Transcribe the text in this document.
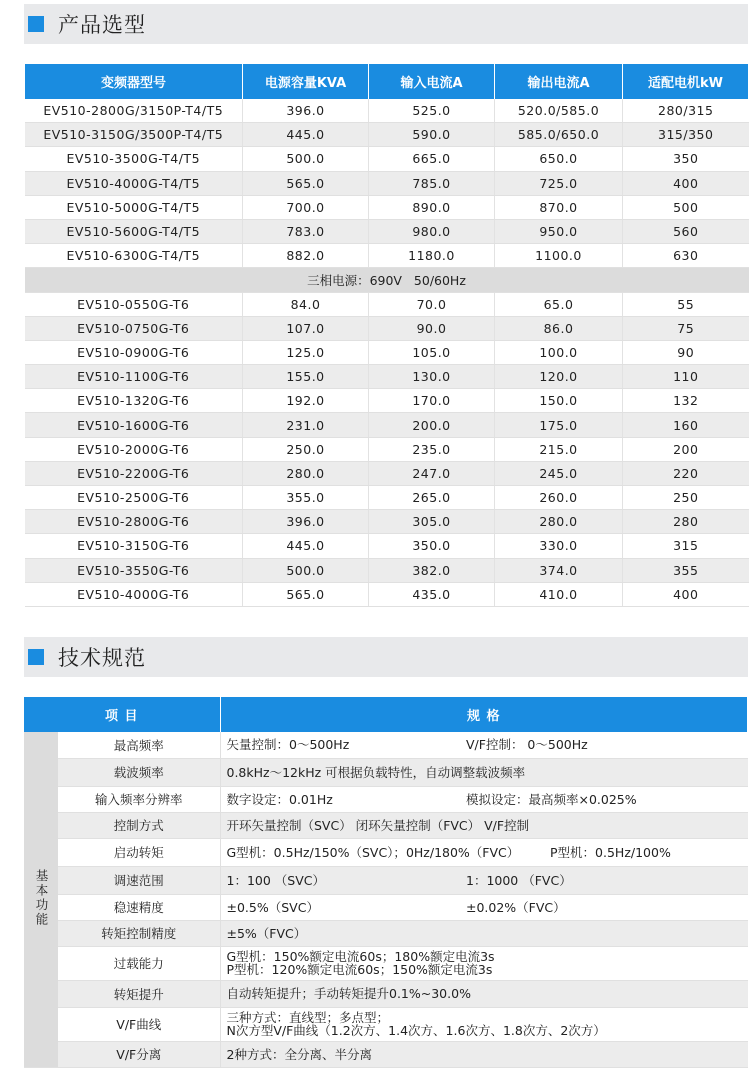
产品选型
变频器型号	电源容量KVA	输入电流A	输出电流A	适配电机kW
EV510-2800G/3150P-T4/T5	396.0	525.0	520.0/585.0	280/315
EV510-3150G/3500P-T4/T5	445.0	590.0	585.0/650.0	315/350
EV510-3500G-T4/T5	500.0	665.0	650.0	350
EV510-4000G-T4/T5	565.0	785.0	725.0	400
EV510-5000G-T4/T5	700.0	890.0	870.0	500
EV510-5600G-T4/T5	783.0	980.0	950.0	560
EV510-6300G-T4/T5	882.0	1180.0	1100.0	630
三相电源：690V   50/60Hz				
EV510-0550G-T6	84.0	70.0	65.0	55
EV510-0750G-T6	107.0	90.0	86.0	75
EV510-0900G-T6	125.0	105.0	100.0	90
EV510-1100G-T6	155.0	130.0	120.0	110
EV510-1320G-T6	192.0	170.0	150.0	132
EV510-1600G-T6	231.0	200.0	175.0	160
EV510-2000G-T6	250.0	235.0	215.0	200
EV510-2200G-T6	280.0	247.0	245.0	220
EV510-2500G-T6	355.0	265.0	260.0	250
EV510-2800G-T6	396.0	305.0	280.0	280
EV510-3150G-T6	445.0	350.0	330.0	315
EV510-3550G-T6	500.0	382.0	374.0	355
EV510-4000G-T6	565.0	435.0	410.0	400
技术规范
项 目		规 格	
基本功能	最高频率	矢量控制：0～500Hz	V/F控制： 0～500Hz
	载波频率	0.8kHz～12kHz 可根据负载特性，自动调整载波频率	

	输入频率分辨率	数字设定：0.01Hz	模拟设定：最高频率×0.025%
	控制方式	开环矢量控制（SVC） 闭环矢量控制（FVC） V/F控制	

	启动转矩	G型机：0.5Hz/150%（SVC）；0Hz/180%（FVC）	P型机：0.5Hz/100%
	调速范围	1：100 （SVC）	1：1000 （FVC）
	稳速精度	±0.5%（SVC）	±0.02%（FVC）
	转矩控制精度	±5%（FVC）	

	过载能力	G型机：150%额定电流60s；180%额定电流3s
P型机：120%额定电流60s；150%额定电流3s	

	转矩提升	自动转矩提升；手动转矩提升0.1%~30.0%	

	V/F曲线	三种方式：直线型；多点型；
N次方型V/F曲线（1.2次方、1.4次方、1.6次方、1.8次方、2次方）	

	V/F分离	2种方式：全分离、半分离	
